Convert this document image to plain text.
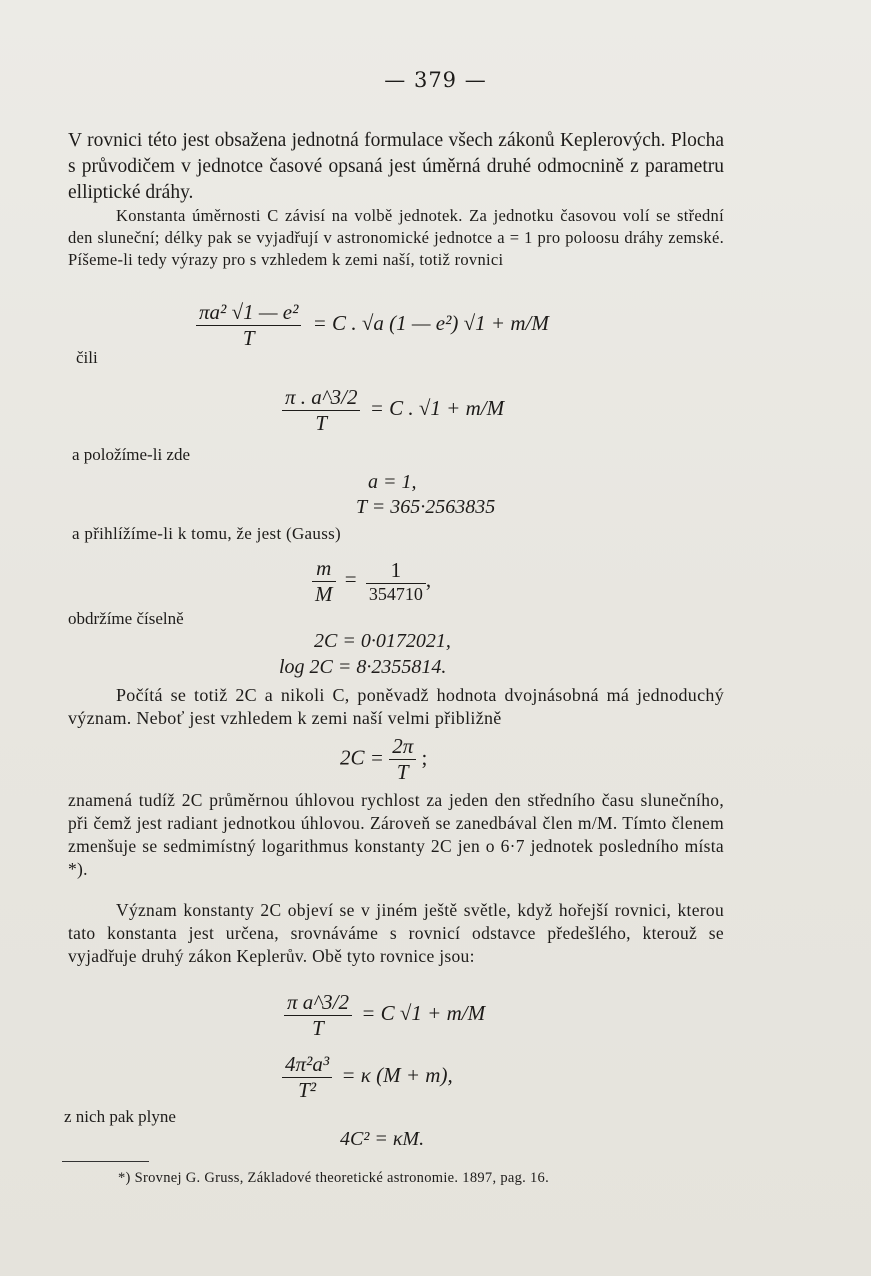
— 379 —

V rovnici této jest obsažena jednotná formulace všech zákonů Keplerových. Plocha s průvodičem v jednotce časové opsaná jest úměrná druhé odmocnině z parametru elliptické dráhy.

Konstanta úměrnosti C závisí na volbě jednotek. Za jednotku časovou volí se střední den sluneční; délky pak se vyjadřují v astronomické jednotce a = 1 pro poloosu dráhy zemské. Píšeme-li tedy výrazy pro s vzhledem k zemi naší, totiž rovnici

$\frac{\text{πa² √1 — e²}}{T} = C$ . √a (1 — e²) √1 + m/M
čili
$\frac{\pi . a\^{}3/2}{T} = C$ . √1 + m/M
a položíme-li zde
a = 1,
T = 365·2563835
a přihlížíme-li k tomu, že jest (Gauss)
$\frac{m}{M} = \frac{1}{354710}$ ,
obdržíme číselně
2C = 0·0172021,
log 2C = 8·2355814.

Počítá se totiž 2C a nikoli C, poněvadž hodnota dvojnásobná má jednoduchý význam. Neboť jest vzhledem k zemi naší velmi přibližně

$2C = \frac{2\pi}{T}$ ;

znamená tudíž 2C průměrnou úhlovou rychlost za jeden den středního času slunečního, při čemž jest radiant jednotkou úhlovou. Zároveň se zanedbával člen m/M. Tímto členem zmenšuje se sedmimístný logarithmus konstanty 2C jen o 6·7 jednotek posledního místa *).

Význam konstanty 2C objeví se v jiném ještě světle, když hořejší rovnici, kterou tato konstanta jest určena, srovnáváme s rovnicí odstavce předešlého, kterouž se vyjadřuje druhý zákon Keplerův. Obě tyto rovnice jsou:

$\frac{\text{π a\textasciicircum{}3/2}}{T} = C$ √1 + m/M
$\frac{\text{4π²a³}}{\text{T²}} = \kappa$ (M + m),
z nich pak plyne
4C² = κM.
*) Srovnej G. Gruss, Základové theoretické astronomie. 1897, pag. 16.
